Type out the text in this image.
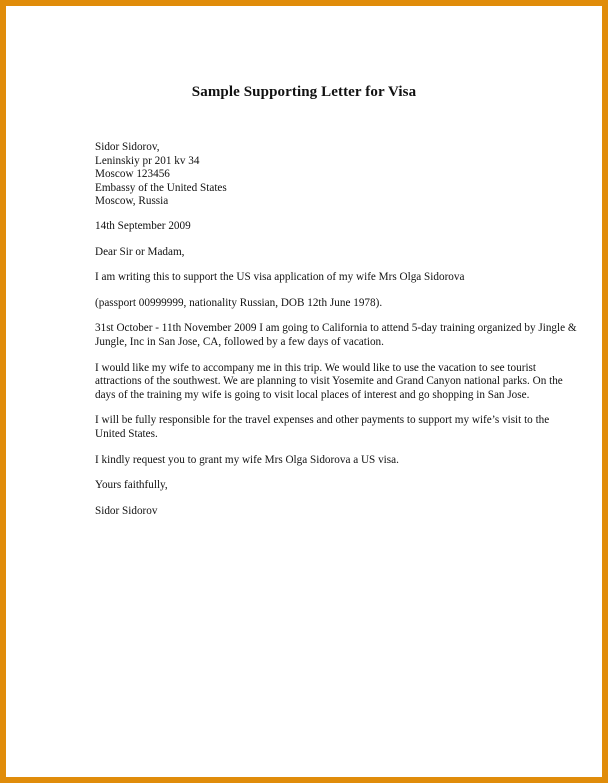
Sample Supporting Letter for Visa
Sidor Sidorov,
Leninskiy pr 201 kv 34
Moscow 123456
Embassy of the United States
Moscow, Russia
14th September 2009
Dear Sir or Madam,
I am writing this to support the US visa application of my wife Mrs Olga Sidorova
(passport 00999999, nationality Russian, DOB 12th June 1978).
31st October - 11th November 2009 I am going to California to attend 5-day training organized by Jingle &
Jungle, Inc in San Jose, CA, followed by a few days of vacation.
I would like my wife to accompany me in this trip. We would like to use the vacation to see tourist
attractions of the southwest. We are planning to visit Yosemite and Grand Canyon national parks. On the
days of the training my wife is going to visit local places of interest and go shopping in San Jose.
I will be fully responsible for the travel expenses and other payments to support my wife’s visit to the
United States.
I kindly request you to grant my wife Mrs Olga Sidorova a US visa.
Yours faithfully,
Sidor Sidorov
